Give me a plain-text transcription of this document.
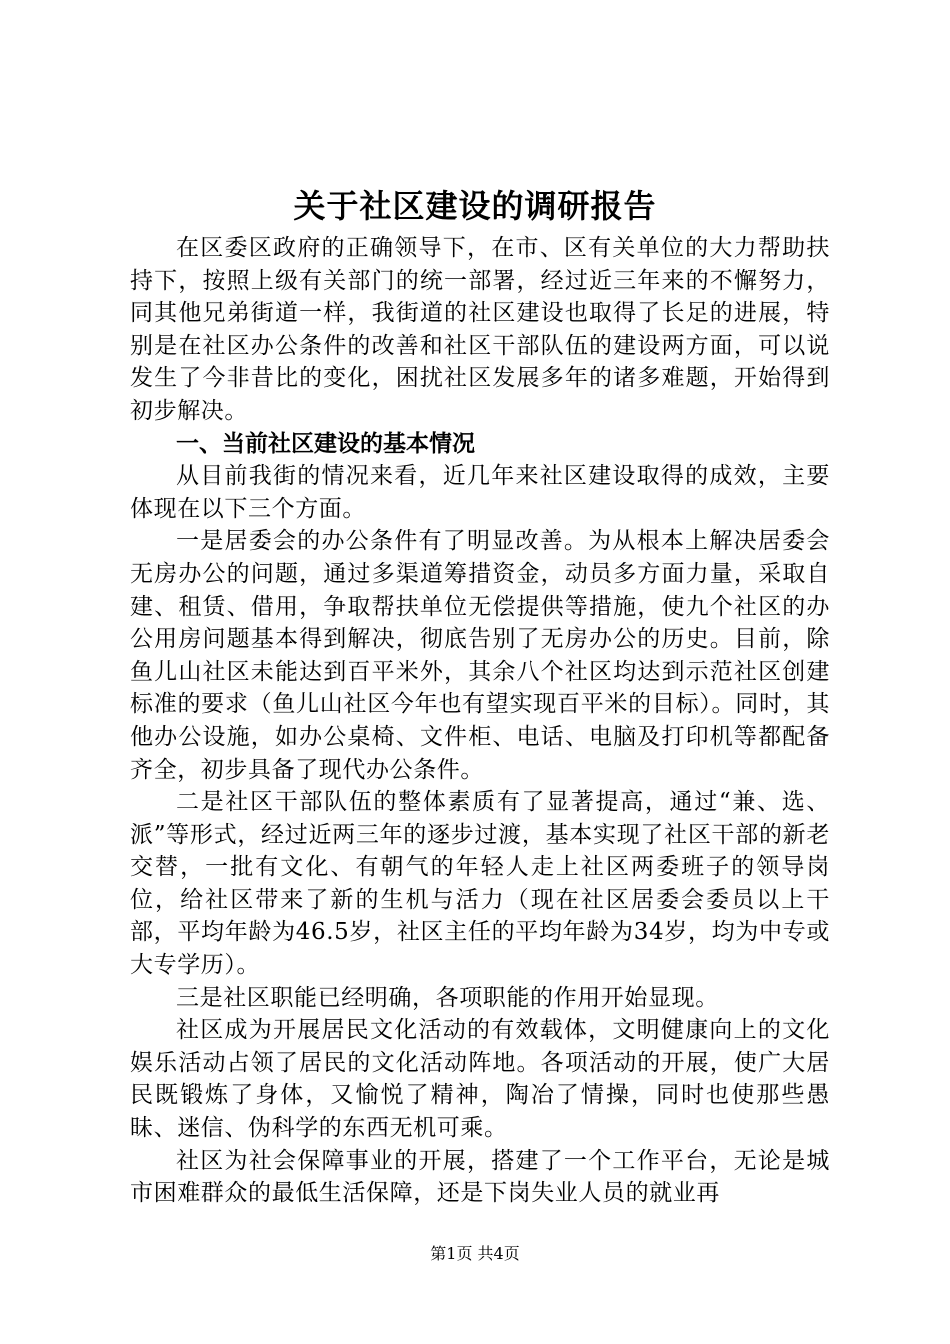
关于社区建设的调研报告

在区委区政府的正确领导下，在市、区有关单位的大力帮助扶持下，按照上级有关部门的统一部署，经过近三年来的不懈努力，同其他兄弟街道一样，我街道的社区建设也取得了长足的进展，特别是在社区办公条件的改善和社区干部队伍的建设两方面，可以说发生了今非昔比的变化，困扰社区发展多年的诸多难题，开始得到初步解决。

一、当前社区建设的基本情况

从目前我街的情况来看，近几年来社区建设取得的成效，主要体现在以下三个方面。

一是居委会的办公条件有了明显改善。为从根本上解决居委会无房办公的问题，通过多渠道筹措资金，动员多方面力量，采取自建、租赁、借用，争取帮扶单位无偿提供等措施，使九个社区的办公用房问题基本得到解决，彻底告别了无房办公的历史。目前，除鱼儿山社区未能达到百平米外，其余八个社区均达到示范社区创建标准的要求（鱼儿山社区今年也有望实现百平米的目标）。同时，其他办公设施，如办公桌椅、文件柜、电话、电脑及打印机等都配备齐全，初步具备了现代办公条件。

二是社区干部队伍的整体素质有了显著提高，通过“兼、选、派”等形式，经过近两三年的逐步过渡，基本实现了社区干部的新老交替，一批有文化、有朝气的年轻人走上社区两委班子的领导岗位，给社区带来了新的生机与活力（现在社区居委会委员以上干部，平均年龄为46.5岁，社区主任的平均年龄为34岁，均为中专或大专学历）。

三是社区职能已经明确，各项职能的作用开始显现。

社区成为开展居民文化活动的有效载体，文明健康向上的文化娱乐活动占领了居民的文化活动阵地。各项活动的开展，使广大居民既锻炼了身体，又愉悦了精神，陶冶了情操，同时也使那些愚昧、迷信、伪科学的东西无机可乘。

社区为社会保障事业的开展，搭建了一个工作平台，无论是城市困难群众的最低生活保障，还是下岗失业人员的就业再

第1页 共4页
